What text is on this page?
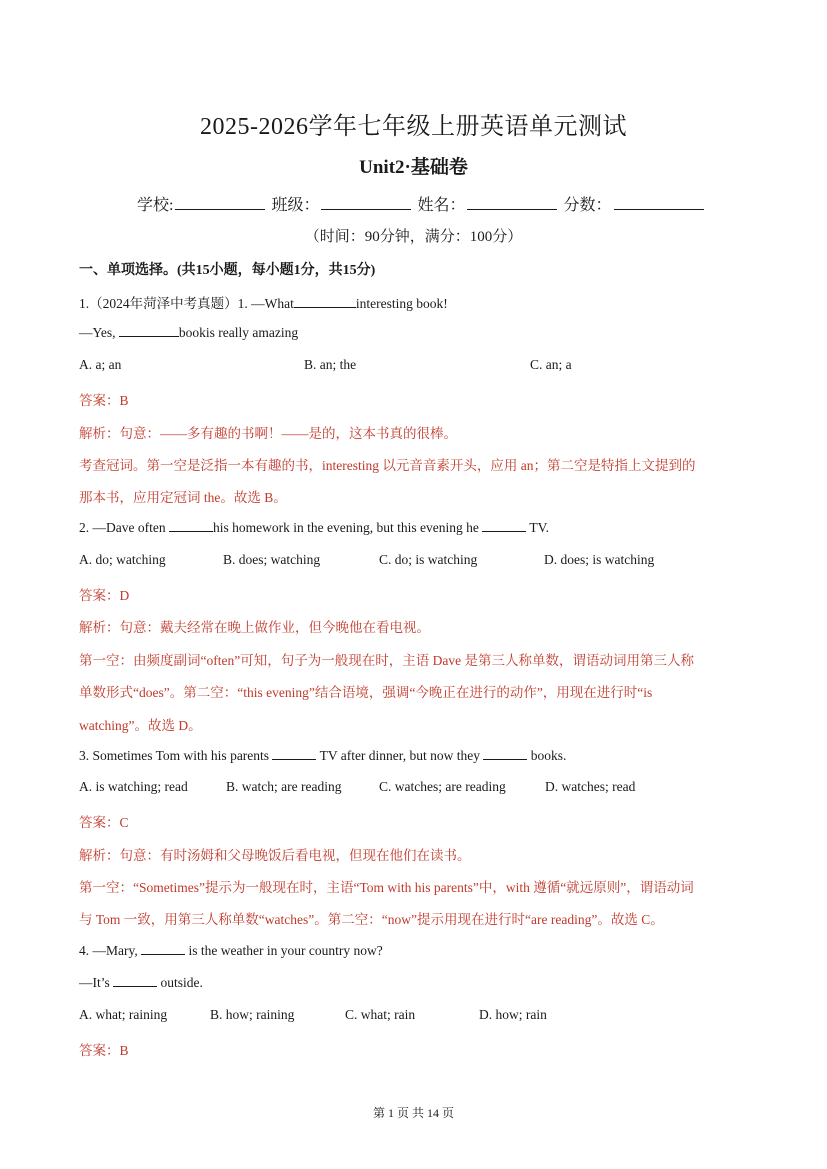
2025-2026学年七年级上册英语单元测试
Unit2·基础卷
学校:	班级：	姓名：	分数：
（时间：90分钟，满分：100分）
一、单项选择。(共15小题，每小题1分，共15分)
1.（2024年菏泽中考真题）1. —What	interesting book!
—Yes,	bookis really amazing
A. a; an	B. an; the	C. an; a
答案：B
解析：句意：——多有趣的书啊！——是的，这本书真的很棒。
考查冠词。第一空是泛指一本有趣的书，interesting 以元音音素开头，应用 an；第二空是特指上文提到的
那本书，应用定冠词 the。故选 B。
2. —Dave often	his homework in the evening, but this evening he	TV.
A. do; watching	B. does; watching	C. do; is watching	D. does; is watching
答案：D
解析：句意：戴夫经常在晚上做作业，但今晚他在看电视。
第一空：由频度副词“often”可知，句子为一般现在时，主语 Dave 是第三人称单数，谓语动词用第三人称
单数形式“does”。第二空：“this evening”结合语境，强调“今晚正在进行的动作”，用现在进行时“is
watching”。故选 D。
3. Sometimes Tom with his parents	TV after dinner, but now they	books.
A. is watching; read	B. watch; are reading	C. watches; are reading	D. watches; read
答案：C
解析：句意：有时汤姆和父母晚饭后看电视，但现在他们在读书。
第一空：“Sometimes”提示为一般现在时，主语“Tom with his parents”中，with 遵循“就远原则”，谓语动词
与 Tom 一致，用第三人称单数“watches”。第二空：“now”提示用现在进行时“are reading”。故选 C。
4. —Mary,	is the weather in your country now?
—It’s	outside.
A. what; raining	B. how; raining	C. what; rain	D. how; rain
答案：B
第 1 页 共 14 页
